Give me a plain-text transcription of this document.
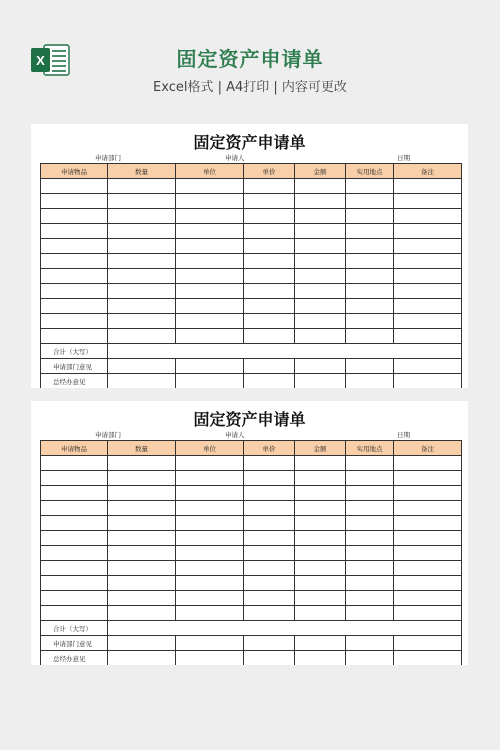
X	固定资产申请单
Excel格式 | A4打印 | 内容可更改
固定资产申请单
申请部门	申请人	日期
申请物品	数量	单位	单价	金额	实用地点	备注

合计（大写）						
申请部门意见						
总经办意见						
固定资产申请单
申请部门	申请人	日期
申请物品	数量	单位	单价	金额	实用地点	备注

合计（大写）						
申请部门意见						
总经办意见						
